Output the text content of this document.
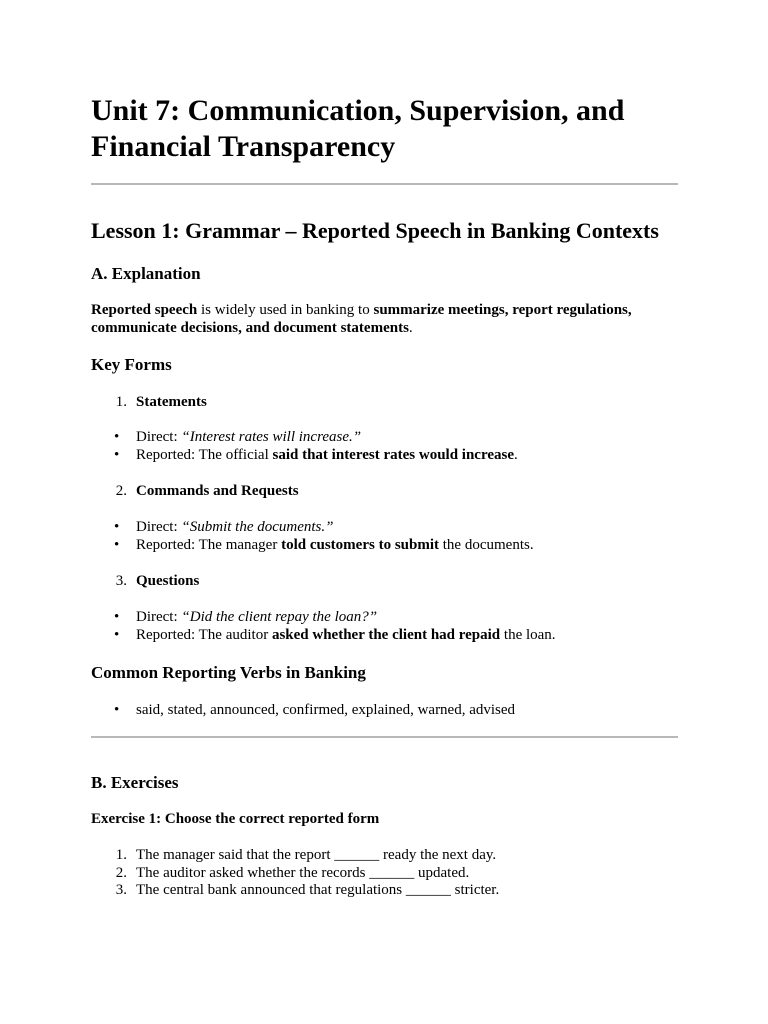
Unit 7: Communication, Supervision, and Financial Transparency
Lesson 1: Grammar – Reported Speech in Banking Contexts
A. Explanation
Reported speech is widely used in banking to summarize meetings, report regulations, communicate decisions, and document statements.
Key Forms
1. Statements
• Direct: “Interest rates will increase.”
• Reported: The official said that interest rates would increase.
2. Commands and Requests
• Direct: “Submit the documents.”
• Reported: The manager told customers to submit the documents.
3. Questions
• Direct: “Did the client repay the loan?”
• Reported: The auditor asked whether the client had repaid the loan.
Common Reporting Verbs in Banking
• said, stated, announced, confirmed, explained, warned, advised
B. Exercises
Exercise 1: Choose the correct reported form
1. The manager said that the report ______ ready the next day.
2. The auditor asked whether the records ______ updated.
3. The central bank announced that regulations ______ stricter.
